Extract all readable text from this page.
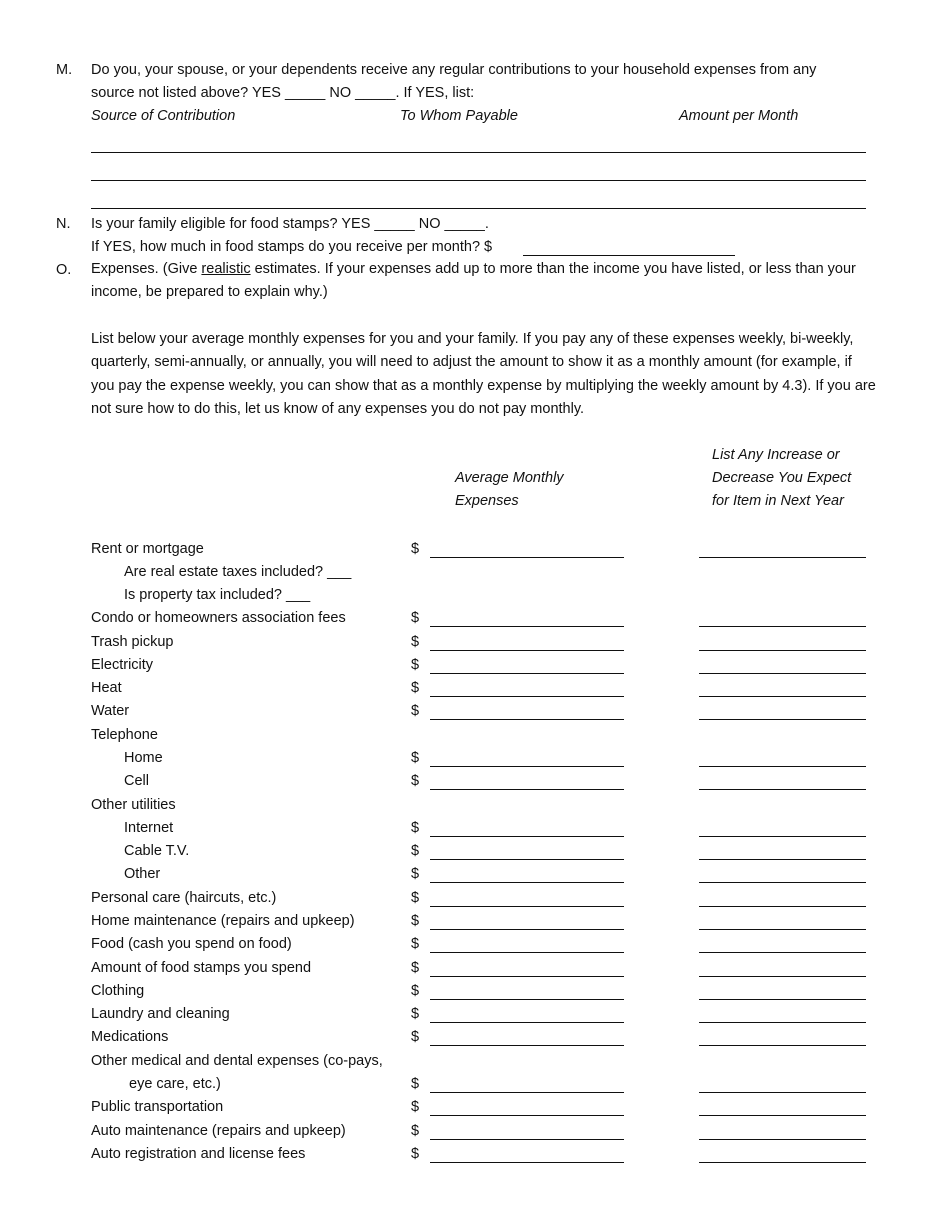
M. Do you, your spouse, or your dependents receive any regular contributions to your household expenses from any
source not listed above? YES _____ NO _____. If YES, list:
Source of Contribution	To Whom Payable	Amount per Month
N. Is your family eligible for food stamps? YES _____ NO _____.
If YES, how much in food stamps do you receive per month? $
O. Expenses. (Give realistic estimates. If your expenses add up to more than the income you have listed, or less than your income, be prepared to explain why.)
List below your average monthly expenses for you and your family. If you pay any of these expenses weekly, bi-weekly, quarterly, semi-annually, or annually, you will need to adjust the amount to show it as a monthly amount (for example, if you pay the expense weekly, you can show that as a monthly expense by multiplying the weekly amount by 4.3). If you are not sure how to do this, let us know of any expenses you do not pay monthly.
Average Monthly
Expenses
List Any Increase or
Decrease You Expect
for Item in Next Year
Rent or mortgage	$
Are real estate taxes included? ___
Is property tax included? ___
Condo or homeowners association fees	$
Trash pickup	$
Electricity	$
Heat	$
Water	$
Telephone
Home	$
Cell	$
Other utilities
Internet	$
Cable T.V.	$
Other	$
Personal care (haircuts, etc.)	$
Home maintenance (repairs and upkeep)	$
Food (cash you spend on food)	$
Amount of food stamps you spend	$
Clothing	$
Laundry and cleaning	$
Medications	$
Other medical and dental expenses (co-pays,
eye care, etc.)	$
Public transportation	$
Auto maintenance (repairs and upkeep)	$
Auto registration and license fees	$
